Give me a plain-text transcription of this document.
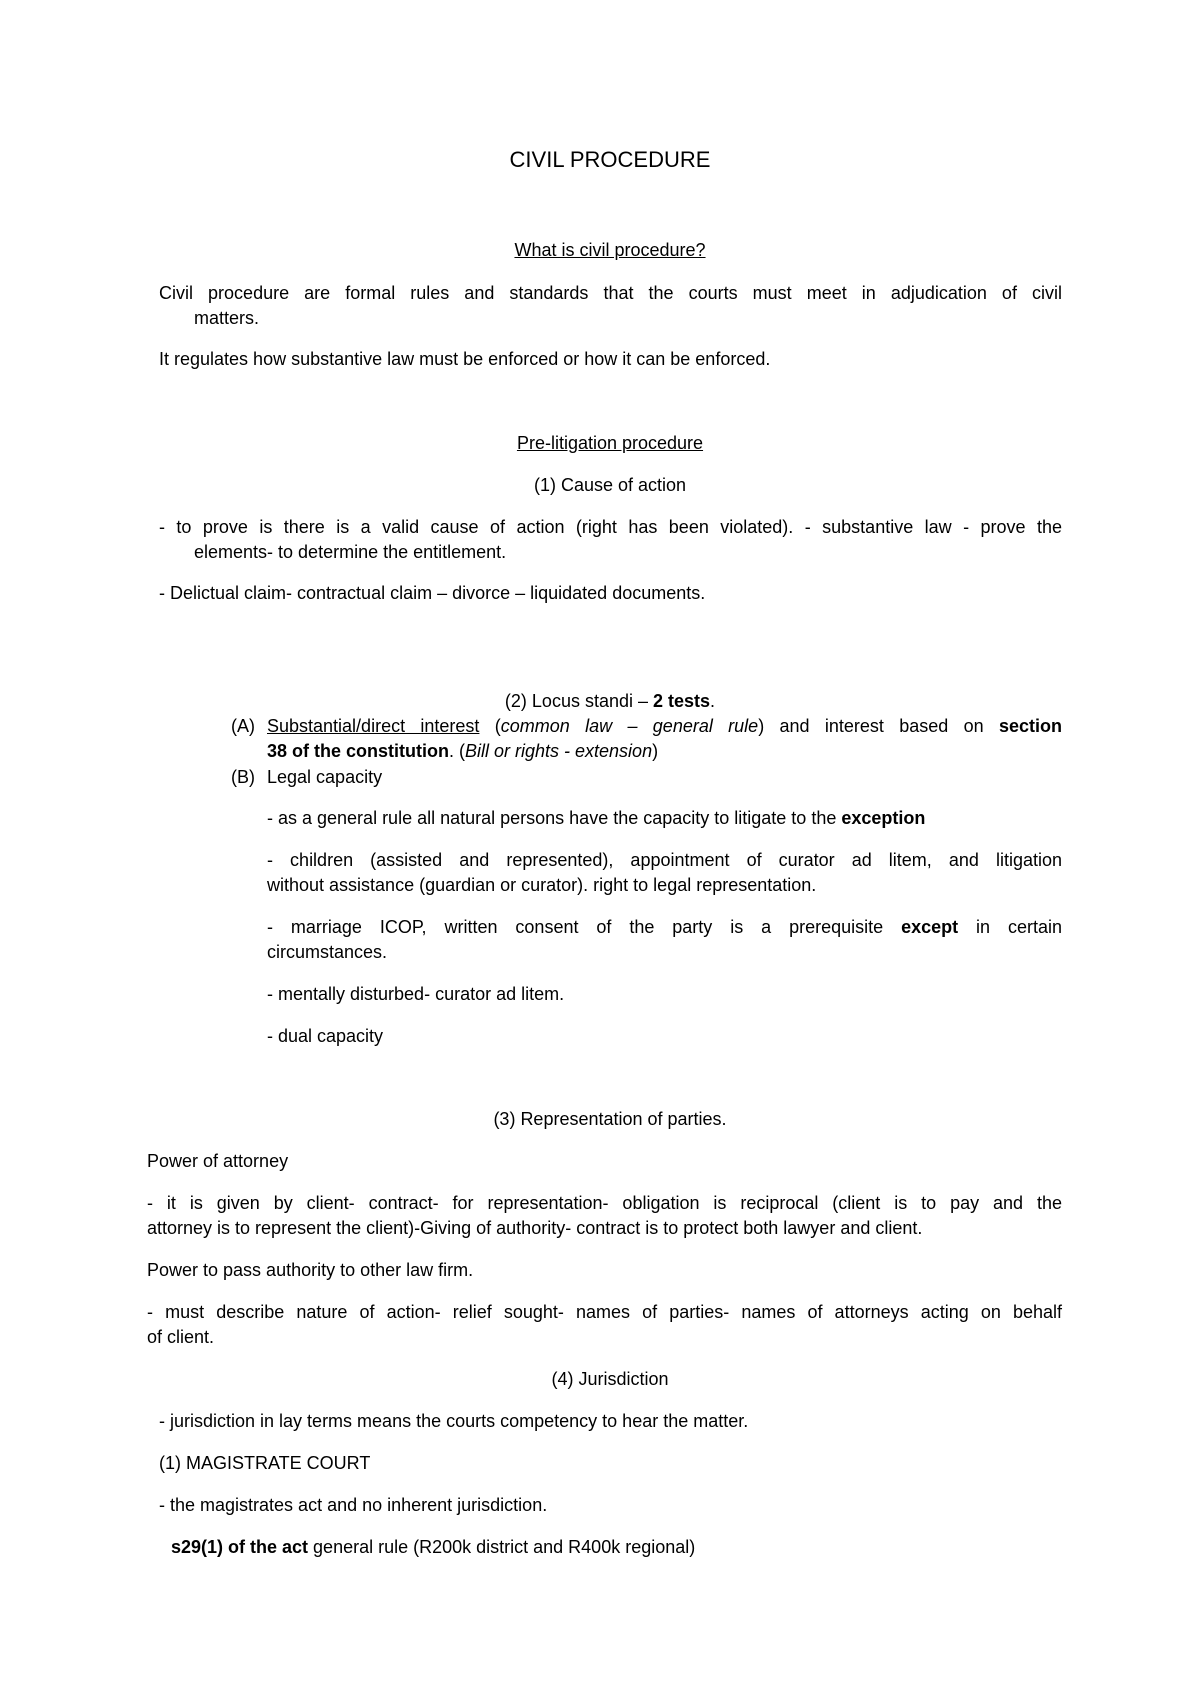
CIVIL PROCEDURE
What is civil procedure?
Civil procedure are formal rules and standards that the courts must meet in adjudication of civil
matters.
It regulates how substantive law must be enforced or how it can be enforced.
Pre-litigation procedure
(1) Cause of action
- to prove is there is a valid cause of action (right has been violated). - substantive law - prove the
elements- to determine the entitlement.
- Delictual claim- contractual claim – divorce – liquidated documents.
(2) Locus standi – 2 tests.
(A) Substantial/direct interest (common law – general rule) and interest based on section
38 of the constitution. (Bill or rights - extension)
(B) Legal capacity
- as a general rule all natural persons have the capacity to litigate to the exception
- children (assisted and represented), appointment of curator ad litem, and litigation
without assistance (guardian or curator). right to legal representation.
- marriage ICOP, written consent of the party is a prerequisite except in certain
circumstances.
- mentally disturbed- curator ad litem.
- dual capacity
(3) Representation of parties.
Power of attorney
- it is given by client- contract- for representation- obligation is reciprocal (client is to pay and the
attorney is to represent the client)-Giving of authority- contract is to protect both lawyer and client.
Power to pass authority to other law firm.
- must describe nature of action- relief sought- names of parties- names of attorneys acting on behalf
of client.
(4) Jurisdiction
- jurisdiction in lay terms means the courts competency to hear the matter.
(1) MAGISTRATE COURT
- the magistrates act and no inherent jurisdiction.
s29(1) of the act general rule (R200k district and R400k regional)
